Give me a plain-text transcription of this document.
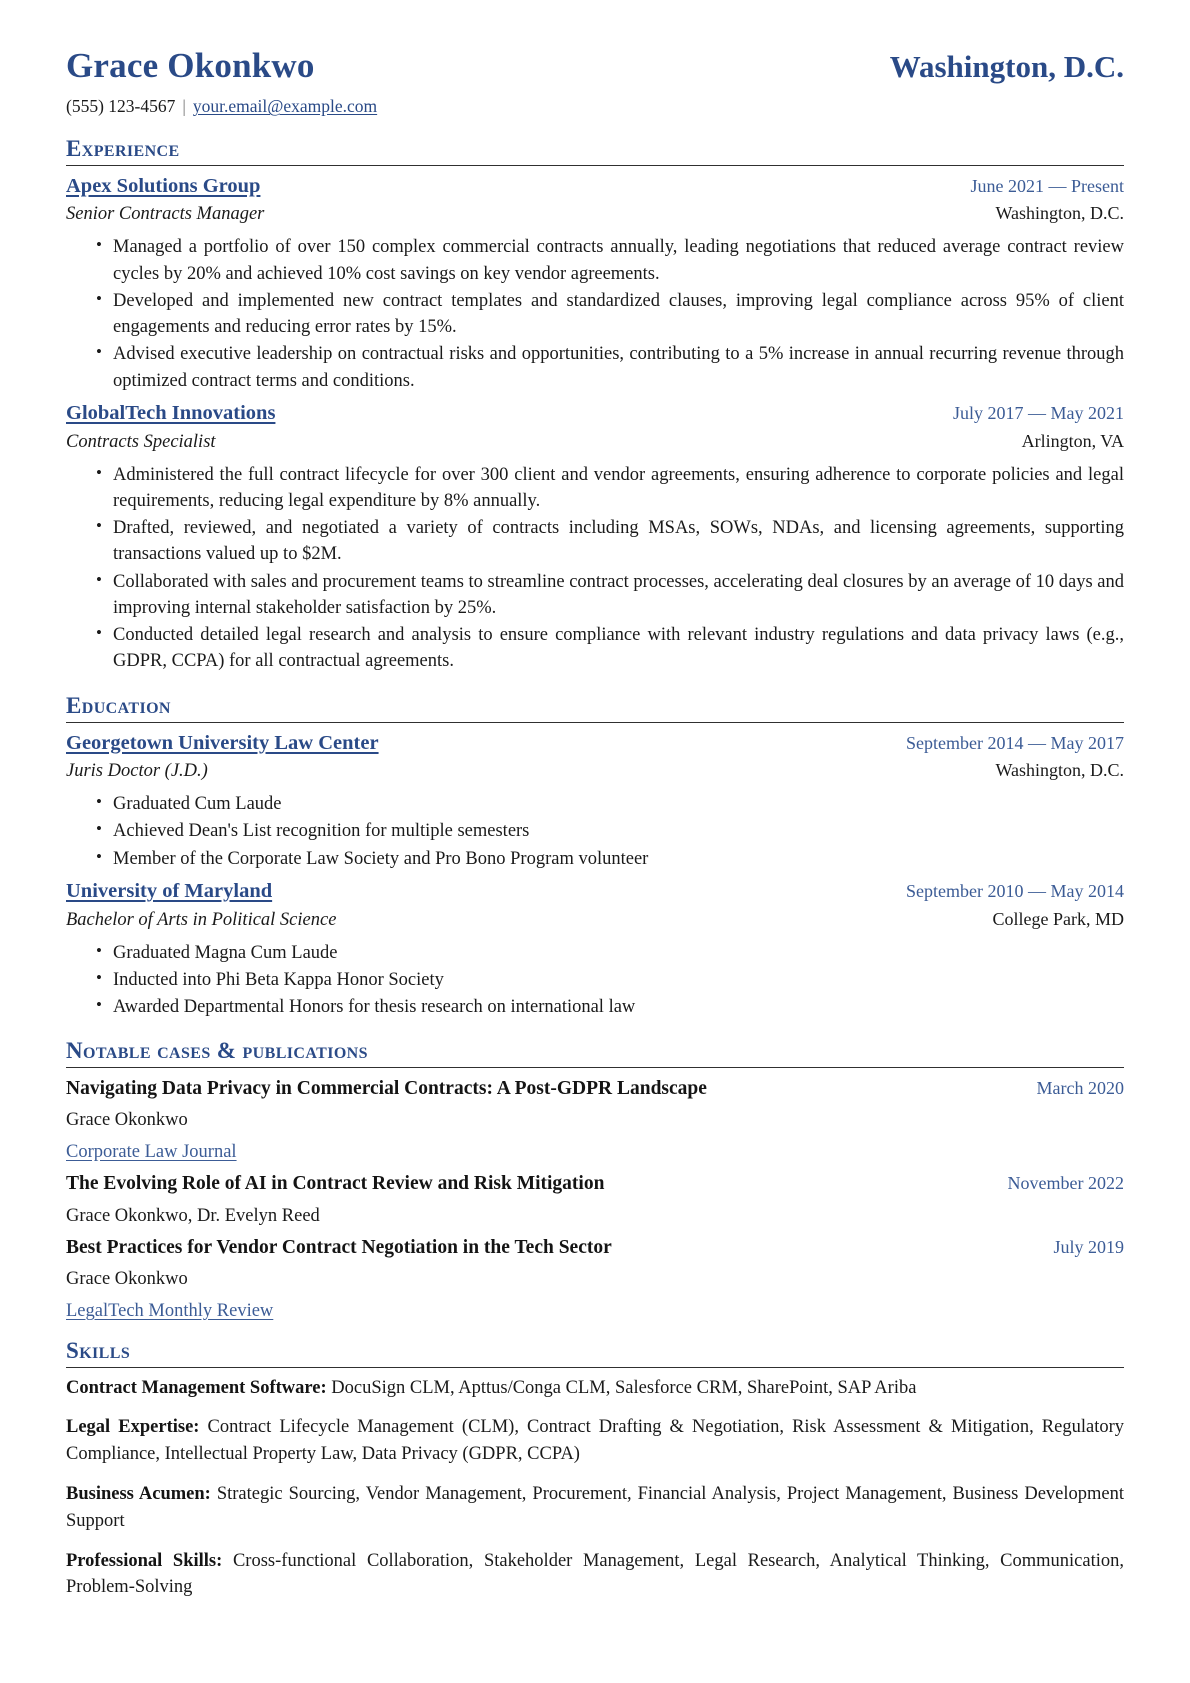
Grace Okonkwo	Washington, D.C.
(555) 123-4567 | your.email@example.com
Experience
Apex Solutions Group	June 2021 — Present
Senior Contracts Manager	Washington, D.C.
• Managed a portfolio of over 150 complex commercial contracts annually, leading negotiations that reduced average contract review cycles by 20% and achieved 10% cost savings on key vendor agreements.
• Developed and implemented new contract templates and standardized clauses, improving legal compliance across 95% of client engagements and reducing error rates by 15%.
• Advised executive leadership on contractual risks and opportunities, contributing to a 5% increase in annual recurring revenue through optimized contract terms and conditions.
GlobalTech Innovations	July 2017 — May 2021
Contracts Specialist	Arlington, VA
• Administered the full contract lifecycle for over 300 client and vendor agreements, ensuring adherence to corporate policies and legal requirements, reducing legal expenditure by 8% annually.
• Drafted, reviewed, and negotiated a variety of contracts including MSAs, SOWs, NDAs, and licensing agreements, supporting transactions valued up to $2M.
• Collaborated with sales and procurement teams to streamline contract processes, accelerating deal closures by an average of 10 days and improving internal stakeholder satisfaction by 25%.
• Conducted detailed legal research and analysis to ensure compliance with relevant industry regulations and data privacy laws (e.g., GDPR, CCPA) for all contractual agreements.
Education
Georgetown University Law Center	September 2014 — May 2017
Juris Doctor (J.D.)	Washington, D.C.
• Graduated Cum Laude
• Achieved Dean's List recognition for multiple semesters
• Member of the Corporate Law Society and Pro Bono Program volunteer
University of Maryland	September 2010 — May 2014
Bachelor of Arts in Political Science	College Park, MD
• Graduated Magna Cum Laude
• Inducted into Phi Beta Kappa Honor Society
• Awarded Departmental Honors for thesis research on international law
Notable cases & publications
Navigating Data Privacy in Commercial Contracts: A Post-GDPR Landscape	March 2020
Grace Okonkwo
Corporate Law Journal
The Evolving Role of AI in Contract Review and Risk Mitigation	November 2022
Grace Okonkwo, Dr. Evelyn Reed
Best Practices for Vendor Contract Negotiation in the Tech Sector	July 2019
Grace Okonkwo
LegalTech Monthly Review
Skills
Contract Management Software: DocuSign CLM, Apttus/Conga CLM, Salesforce CRM, SharePoint, SAP Ariba
Legal Expertise: Contract Lifecycle Management (CLM), Contract Drafting & Negotiation, Risk Assessment & Mitigation, Regulatory Compliance, Intellectual Property Law, Data Privacy (GDPR, CCPA)
Business Acumen: Strategic Sourcing, Vendor Management, Procurement, Financial Analysis, Project Management, Business Development Support
Professional Skills: Cross-functional Collaboration, Stakeholder Management, Legal Research, Analytical Thinking, Communication, Problem-Solving
